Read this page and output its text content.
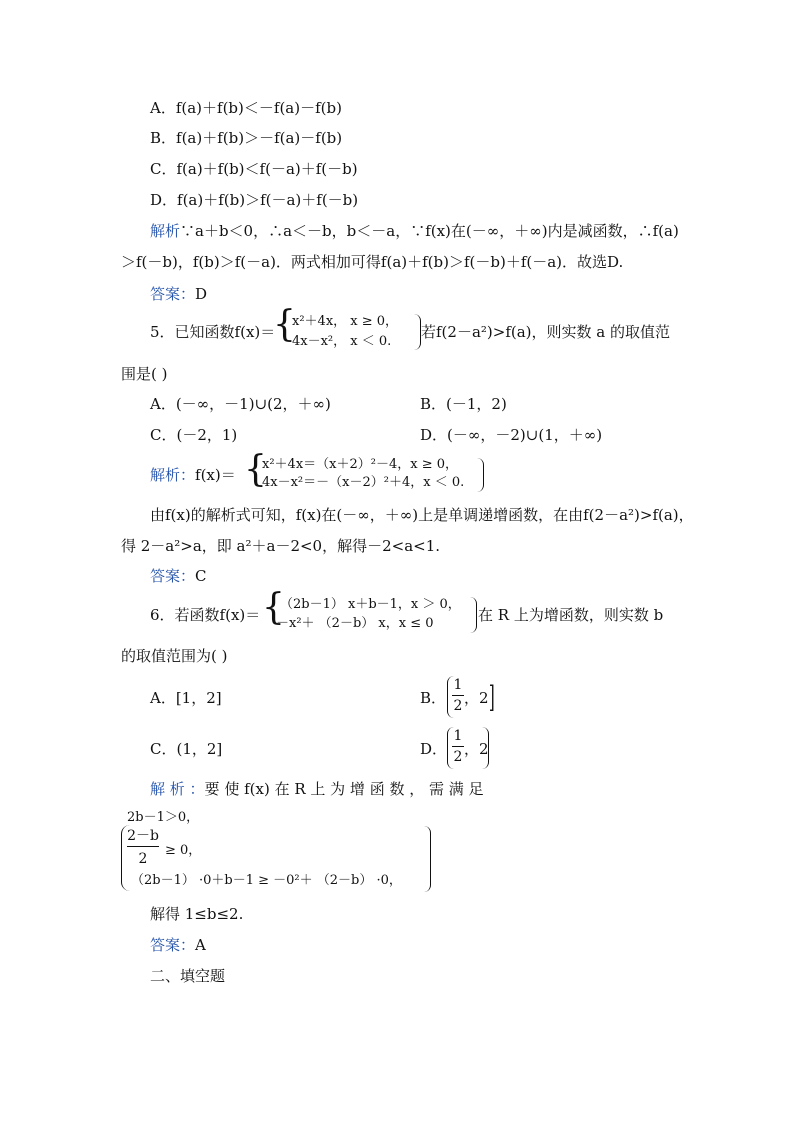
A．f(a)＋f(b)＜－f(a)－f(b)
B．f(a)＋f(b)＞－f(a)－f(b)
C．f(a)＋f(b)＜f(－a)＋f(－b)
D．f(a)＋f(b)＞f(－a)＋f(－b)
解析∵a＋b＜0，∴a＜－b，b＜－a，∵f(x)在(－∞，＋∞)内是减函数，∴f(a)
＞f(－b)，f(b)＞f(－a)．两式相加可得f(a)＋f(b)＞f(－b)＋f(－a)．故选D.
答案：D
5．已知函数f(x)＝
{
x²＋4x， x ≥ 0，
4x－x²， x ＜ 0.
若f(2－a²)>f(a)，则实数 a 的取值范
围是( )
A．(－∞，－1)∪(2，＋∞)	B．(－1，2)
C．(－2，1)	D．(－∞，－2)∪(1，＋∞)
解析：f(x)＝ {
x²＋4x＝（x＋2）²－4，x ≥ 0，
4x－x²＝－（x－2）²＋4，x ＜ 0.
由f(x)的解析式可知，f(x)在(－∞，＋∞)上是单调递增函数，在由f(2－a²)>f(a)，
得 2－a²>a，即 a²＋a－2<0，解得－2<a<1.
答案：C
6．若函数f(x)＝ {
（2b－1） x＋b－1，x ＞ 0，
－x²＋ （2－b） x，x ≤ 0	在 R 上为增函数，则实数 b
的取值范围为( )
A．[1，2]	B．
1
2 ，2 ]
C．(1，2]	D．
1
2 ，2
解 析 ：要 使 f(x) 在 R 上 为 增 函 数 ， 需 满 足
2b－1＞0，
2－b
2
≥ 0，
（2b－1） ·0＋b－1 ≥ －0²＋ （2－b） ·0，
解得 1≤b≤2.
答案：A
二、填空题
